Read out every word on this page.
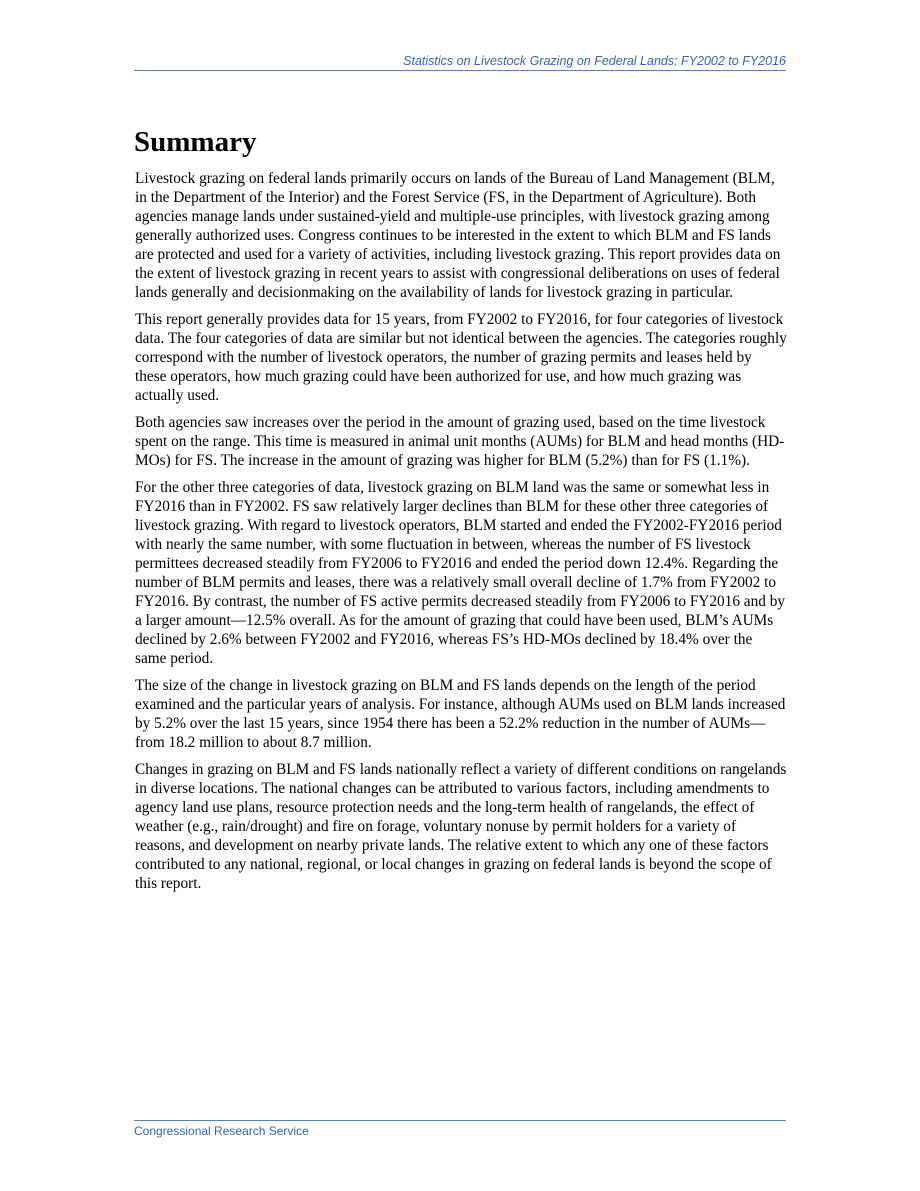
Statistics on Livestock Grazing on Federal Lands: FY2002 to FY2016
Summary

Livestock grazing on federal lands primarily occurs on lands of the Bureau of Land Management (BLM, in the Department of the Interior) and the Forest Service (FS, in the Department of Agriculture). Both agencies manage lands under sustained-yield and multiple-use principles, with livestock grazing among generally authorized uses. Congress continues to be interested in the extent to which BLM and FS lands are protected and used for a variety of activities, including livestock grazing. This report provides data on the extent of livestock grazing in recent years to assist with congressional deliberations on uses of federal lands generally and decisionmaking on the availability of lands for livestock grazing in particular.

This report generally provides data for 15 years, from FY2002 to FY2016, for four categories of livestock data. The four categories of data are similar but not identical between the agencies. The categories roughly correspond with the number of livestock operators, the number of grazing permits and leases held by these operators, how much grazing could have been authorized for use, and how much grazing was actually used.

Both agencies saw increases over the period in the amount of grazing used, based on the time livestock spent on the range. This time is measured in animal unit months (AUMs) for BLM and head months (HD-MOs) for FS. The increase in the amount of grazing was higher for BLM (5.2%) than for FS (1.1%).

For the other three categories of data, livestock grazing on BLM land was the same or somewhat less in FY2016 than in FY2002. FS saw relatively larger declines than BLM for these other three categories of livestock grazing. With regard to livestock operators, BLM started and ended the FY2002-FY2016 period with nearly the same number, with some fluctuation in between, whereas the number of FS livestock permittees decreased steadily from FY2006 to FY2016 and ended the period down 12.4%. Regarding the number of BLM permits and leases, there was a relatively small overall decline of 1.7% from FY2002 to FY2016. By contrast, the number of FS active permits decreased steadily from FY2006 to FY2016 and by a larger amount—12.5% overall. As for the amount of grazing that could have been used, BLM’s AUMs declined by 2.6% between FY2002 and FY2016, whereas FS’s HD-MOs declined by 18.4% over the same period.

The size of the change in livestock grazing on BLM and FS lands depends on the length of the period examined and the particular years of analysis. For instance, although AUMs used on BLM lands increased by 5.2% over the last 15 years, since 1954 there has been a 52.2% reduction in the number of AUMs—from 18.2 million to about 8.7 million.

Changes in grazing on BLM and FS lands nationally reflect a variety of different conditions on rangelands in diverse locations. The national changes can be attributed to various factors, including amendments to agency land use plans, resource protection needs and the long-term health of rangelands, the effect of weather (e.g., rain/drought) and fire on forage, voluntary nonuse by permit holders for a variety of reasons, and development on nearby private lands. The relative extent to which any one of these factors contributed to any national, regional, or local changes in grazing on federal lands is beyond the scope of this report.

Congressional Research Service
